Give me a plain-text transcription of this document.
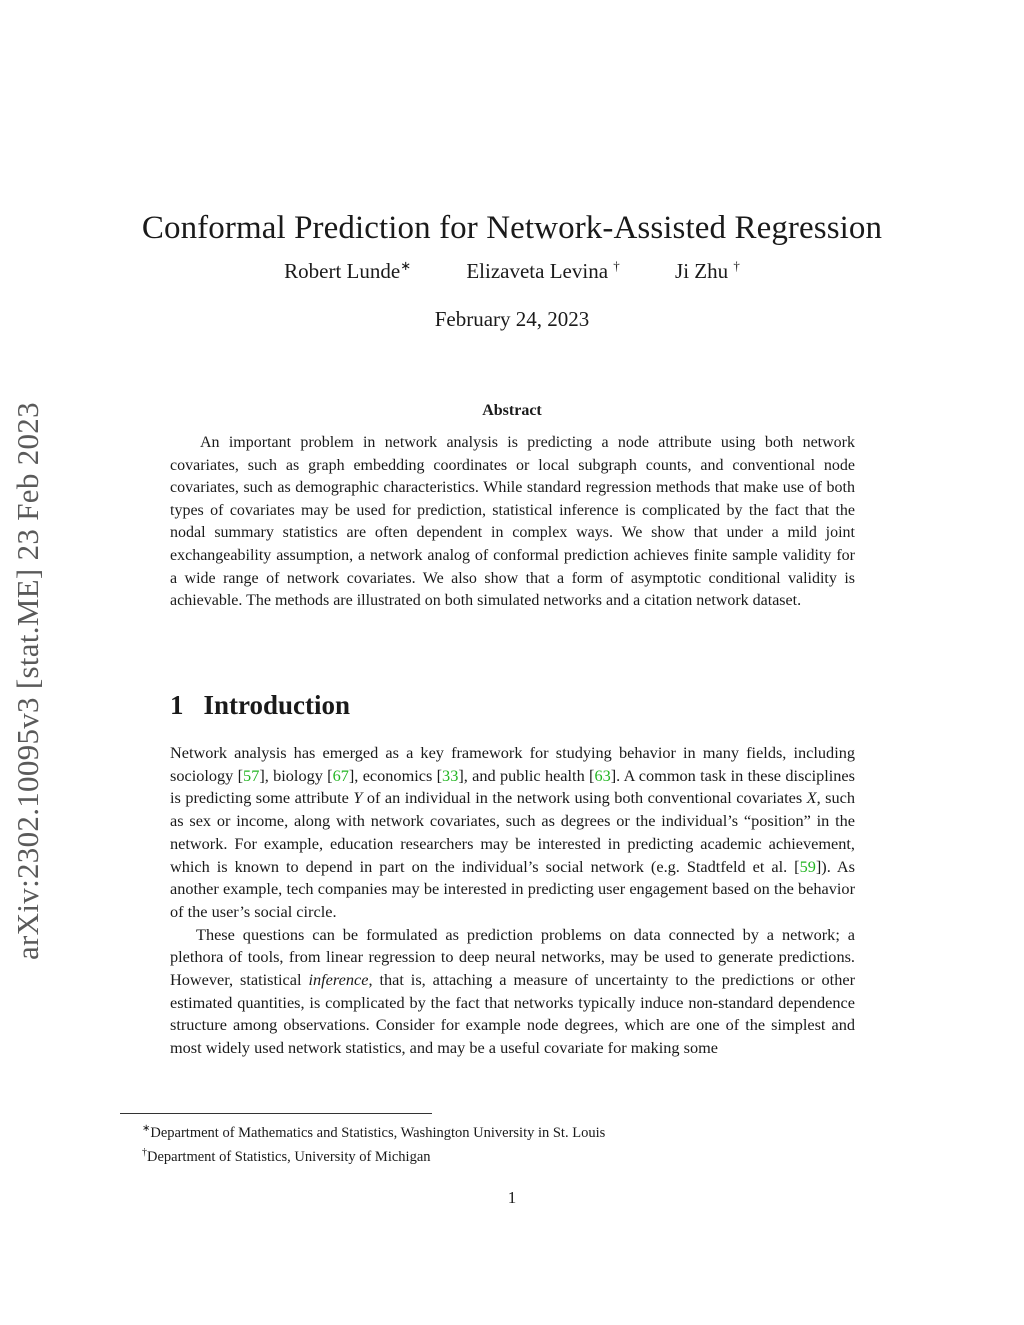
arXiv:2302.10095v3 [stat.ME] 23 Feb 2023
Conformal Prediction for Network-Assisted Regression
Robert Lunde∗	Elizaveta Levina †	Ji Zhu †
February 24, 2023
Abstract

An important problem in network analysis is predicting a node attribute using both network covariates, such as graph embedding coordinates or local subgraph counts, and conventional node covariates, such as demographic characteristics. While standard regression methods that make use of both types of covariates may be used for prediction, statistical inference is complicated by the fact that the nodal summary statistics are often dependent in complex ways. We show that under a mild joint exchangeability assumption, a network analog of conformal prediction achieves finite sample validity for a wide range of network covariates. We also show that a form of asymptotic conditional validity is achievable. The methods are illustrated on both simulated networks and a citation network dataset.

1 Introduction

Network analysis has emerged as a key framework for studying behavior in many fields, including sociology [57], biology [67], economics [33], and public health [63]. A common task in these disciplines is predicting some attribute Y of an individual in the network using both conventional covariates X, such as sex or income, along with network covariates, such as degrees or the individual’s “position” in the network. For example, education researchers may be interested in predicting academic achievement, which is known to depend in part on the individual’s social network (e.g. Stadtfeld et al. [59]). As another example, tech companies may be interested in predicting user engagement based on the behavior of the user’s social circle.

These questions can be formulated as prediction problems on data connected by a network; a plethora of tools, from linear regression to deep neural networks, may be used to generate predictions. However, statistical inference, that is, attaching a measure of uncertainty to the predictions or other estimated quantities, is complicated by the fact that networks typically induce non-standard dependence structure among observations. Consider for example node degrees, which are one of the simplest and most widely used network statistics, and may be a useful covariate for making some

∗Department of Mathematics and Statistics, Washington University in St. Louis
†Department of Statistics, University of Michigan
1
